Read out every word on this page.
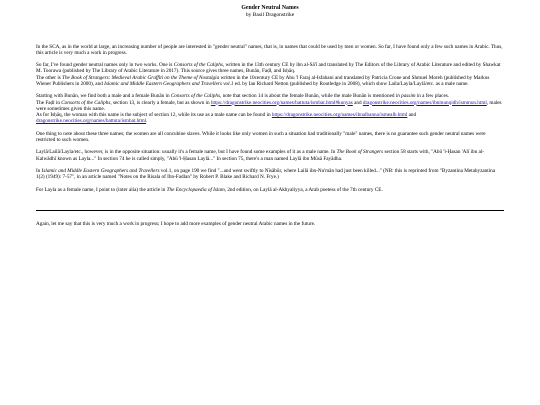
Gender Neutral Names
by Basil Dragonstrike

In the SCA, as in the world at large, an increasing number of people are interested in "gender neutral" names, that is, in names that could be used by men or women. So far, I have found only a few such names in Arabic. Thus, this article is very much a work in progress.

So far, I've found gender neutral names only in two works. One is Consorts of the Caliphs, written in the 13th century CE by ibn al-Sā'ī and translated by The Editors of the Library of Arabic Literature and edited by Shawkat M. Toorawa (published by The Library of Arabic Literature in 2017). This source gives three names, Bunān, Faḍl, and Isḥāq.
The other is The Book of Strangers: Medieval Arabic Graffiti on the Theme of Nostalgia written in the 10century CE by Abu 'l Faraj al-Isfahani and translated by Patricia Crone and Shmuel Moreh (published by Markus Wiener Publishers in 2000), and Islamic and Middle Eastern Geographers and Travellers vol.1 ed. by Ian Richard Netton (published by Routledge in 2008), which show Laila/Layla/Laylā/etc. as a male name.

Starting with Bunān, we find both a male and a female Bunān in Consorts of the Caliphs, note that section 14 is about the female Bunān, while the male Bunān is mentioned in passim in a few places.
The Faḍl in Consorts of the Caliphs, section 13, is clearly a female, but as shown in https://dragonstrike.neocities.org/names/battuta/ismbat.html#kunyas and dragonstrike.neocities.org/names/ibnmunqidh/ismmun.html, males were sometimes given this name.
As for Isḥāq, the woman with this name is the subject of section 12, while its use as a male name can be found in https://dragonstrike.neocities.org/names/ibnalbanna/ismealb.html and dragonstrike.neocities.org/names/battuta/ismbat.html.

One thing to note about these three names; the women are all concubine slaves. While it looks like only women in such a situation had traditionally "male" names, there is no guarantee such gender neutral names were restricted to such women.

Laylā/Lailā/Layla/etc., however, is in the opposite situation: usually it's a female name, but I have found some examples of it as a male name. In The Book of Strangers section 58 starts with, "Abū 'l-Ḥasan 'Alī ibn al-Kalwādhī known as Layla..." In section 74 he is called simply, "Abū 'l-Ḥasan Laylā..." In section 75, there's a man named Laylā ibn Mūsā Fayādha.

In Islamic and Middle Eastern Geographers and Travellers vol.1, on page 190 we find "...and went swiftly to Nīsābūr, where Lailā ibn-Nu'mān had just been killed..." (NB: this is reprinted from "Byzantina Metabyzantina 1(2) (1949): 7-57", in an article named "Notes on the Risala of Ibn-Fadlan" by Robert P. Blake and Richard N. Frye.)

For Layla as a female name, I point to (inter alia) the article in The Encyclopaedia of Islam, 2nd edition, on Laylā al-Akhyaliyya, a Arab poetess of the 7th century CE.

Again, let me say that this is very much a work in progress; I hope to add more examples of gender neutral Arabic names in the future.
